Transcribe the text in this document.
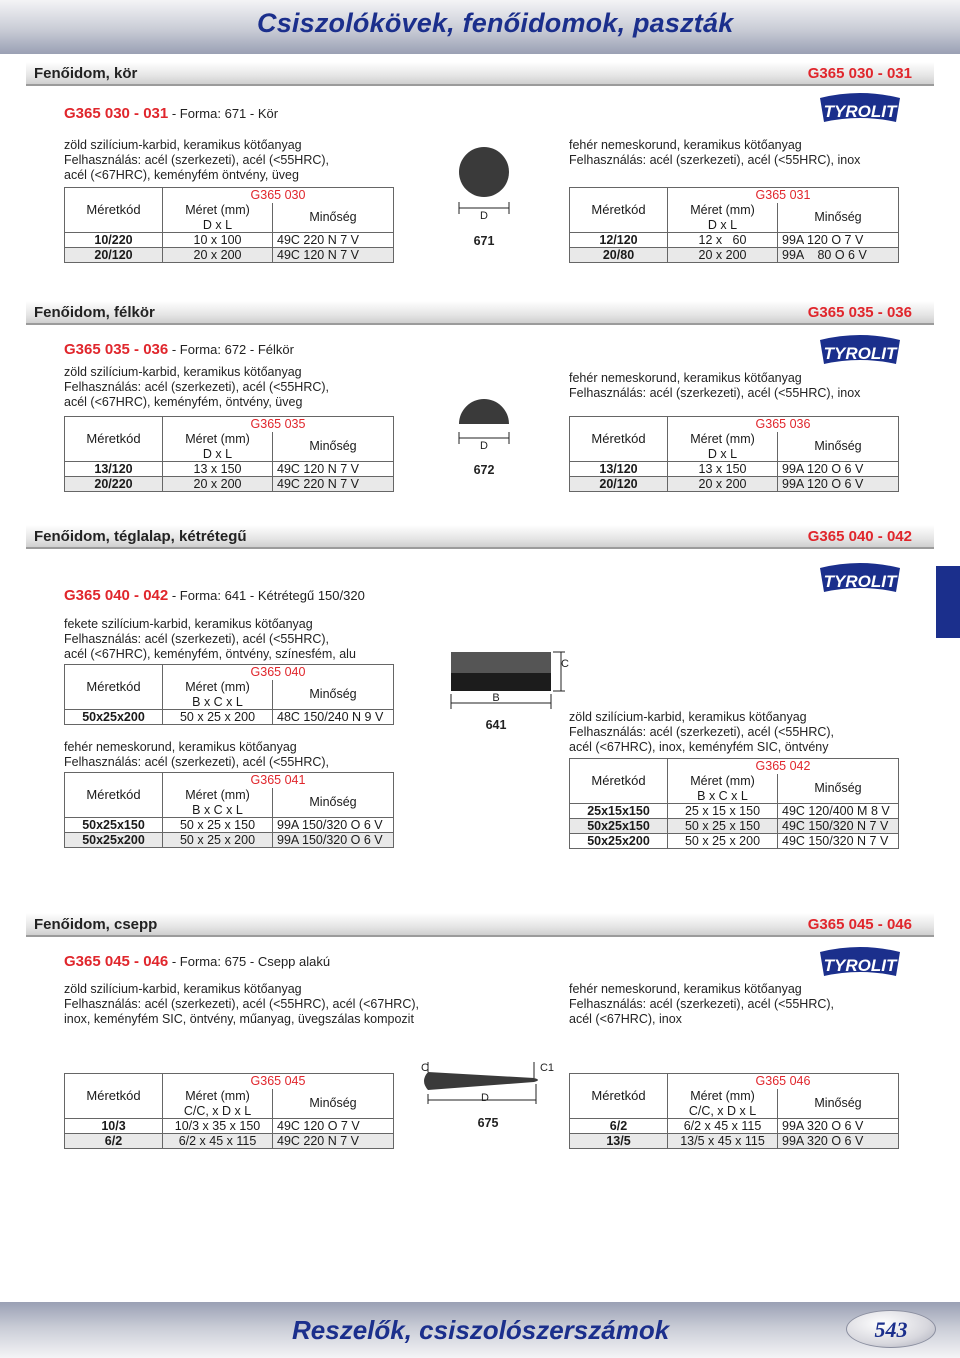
Csiszolókövek, fenőidomok, paszták
Fenőidom, kör	G365 030 - 031
G365 030 - 031 - Forma: 671 - Kör	TYROLIT
zöld szilícium-karbid, keramikus kötőanyag
Felhasználás: acél (szerkezeti), acél (<55HRC),
acél (<67HRC), keményfém öntvény, üveg
fehér nemeskorund, keramikus kötőanyag
Felhasználás: acél (szerkezeti), acél (<55HRC), inox
Méretkód	G365 030	
	Méret (mm)	Minőség
	D x L	
10/220	10 x 100	49C 220 N 7 V
20/120	20 x 200	49C 120 N 7 V
D
671
Méretkód	G365 031	
	Méret (mm)	Minőség
	D x L	
12/120	12 x   60	99A 120 O 7 V
20/80	20 x 200	99A    80 O 6 V
Fenőidom, félkör	G365 035 - 036
G365 035 - 036 - Forma: 672 - Félkör	TYROLIT
zöld szilícium-karbid, keramikus kötőanyag
Felhasználás: acél (szerkezeti), acél (<55HRC),
acél (<67HRC), keményfém, öntvény, üveg
fehér nemeskorund, keramikus kötőanyag
Felhasználás: acél (szerkezeti), acél (<55HRC), inox
Méretkód	G365 035	
	Méret (mm)	Minőség
	D x L	
13/120	13 x 150	49C 120 N 7 V
20/220	20 x 200	49C 220 N 7 V
D
672
Méretkód	G365 036	
	Méret (mm)	Minőség
	D x L	
13/120	13 x 150	99A 120 O 6 V
20/120	20 x 200	99A 120 O 6 V
Fenőidom, téglalap, kétrétegű	G365 040 - 042
TYROLIT
G365 040 - 042 - Forma: 641 - Kétrétegű 150/320
fekete szilícium-karbid, keramikus kötőanyag
Felhasználás: acél (szerkezeti), acél (<55HRC),
acél (<67HRC), keményfém, öntvény, színesfém, alu
Méretkód	G365 040	
	Méret (mm)	Minőség
	B x C x L	
50x25x200	50 x 25 x 200	48C 150/240 N 9 V
fehér nemeskorund, keramikus kötőanyag
Felhasználás: acél (szerkezeti), acél (<55HRC),
Méretkód	G365 041	
	Méret (mm)	Minőség
	B x C x L	
50x25x150	50 x 25 x 150	99A 150/320 O 6 V
50x25x200	50 x 25 x 200	99A 150/320 O 6 V
C
B
641
zöld szilícium-karbid, keramikus kötőanyag
Felhasználás: acél (szerkezeti), acél (<55HRC),
acél (<67HRC), inox, keményfém SIC, öntvény
Méretkód	G365 042	
	Méret (mm)	Minőség
	B x C x L	
25x15x150	25 x 15 x 150	49C 120/400 M 8 V
50x25x150	50 x 25 x 150	49C 150/320 N 7 V
50x25x200	50 x 25 x 200	49C 150/320 N 7 V
Fenőidom, csepp	G365 045 - 046
G365 045 - 046 - Forma: 675 - Csepp alakú	TYROLIT
zöld szilícium-karbid, keramikus kötőanyag
Felhasználás: acél (szerkezeti), acél (<55HRC), acél (<67HRC),
inox, keményfém SIC, öntvény, műanyag, üvegszálas kompozit
fehér nemeskorund, keramikus kötőanyag
Felhasználás: acél (szerkezeti), acél (<55HRC),
acél (<67HRC), inox
Méretkód	G365 045	
	Méret (mm)	Minőség
	C/C, x D x L	
10/3	10/3 x 35 x 150	49C 120 O 7 V
6/2	6/2 x 45 x 115	49C 220 N 7 V
C	C1
D
675
Méretkód	G365 046	
	Méret (mm)	Minőség
	C/C, x D x L	
6/2	6/2 x 45 x 115	99A 320 O 6 V
13/5	13/5 x 45 x 115	99A 320 O 6 V
Reszelők, csiszolószerszámok	543
